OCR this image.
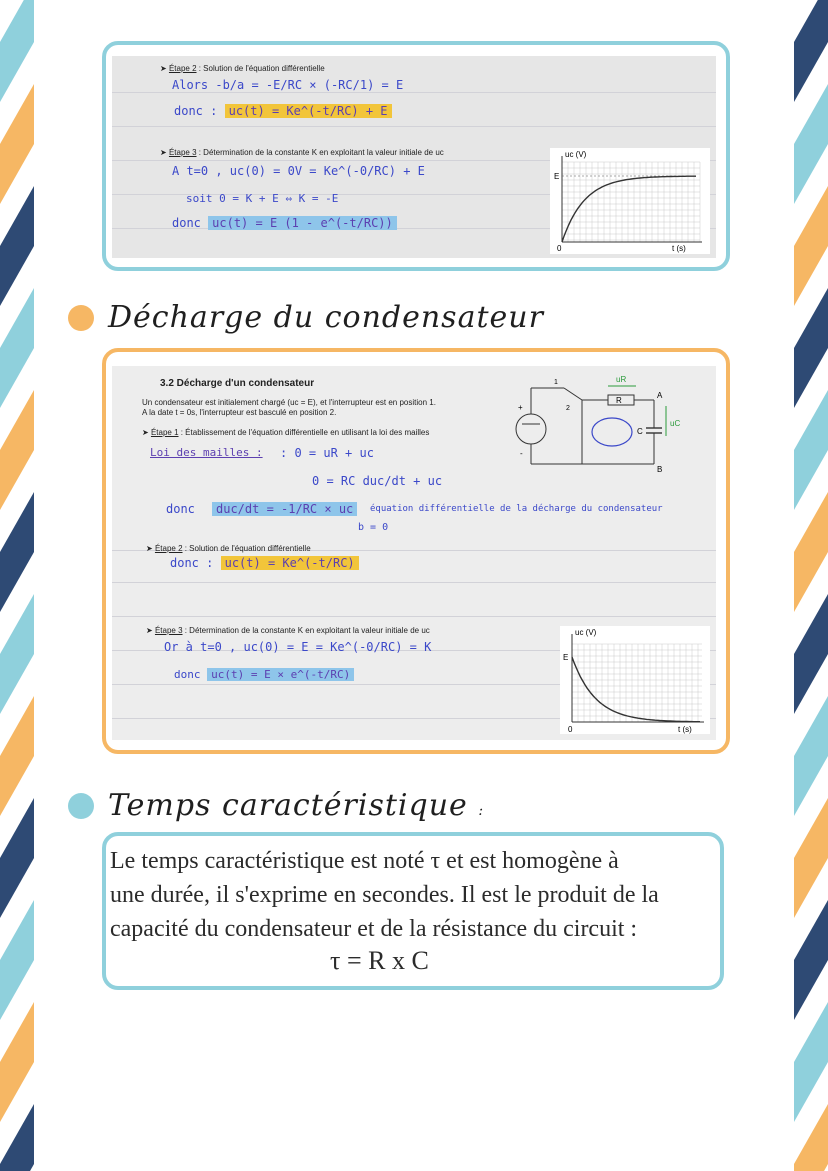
➤ Étape 2 : Solution de l'équation différentielle
Alors -b/a = -E/RC × (-RC/1) = E
donc : uc(t) = Ke^(-t/RC) + E
➤ Étape 3 : Détermination de la constante K en exploitant la valeur initiale de uc
A t=0 , uc(0) = 0V = Ke^(-0/RC) + E
soit 0 = K + E ⇔ K = -E
donc uc(t) = E (1 - e^(-t/RC))
uc (V)
E
0	t (s)
Décharge du condensateur
3.2 Décharge d'un condensateur
Un condensateur est initialement chargé (uc = E), et l'interrupteur est en position 1.
A la date t = 0s, l'interrupteur est basculé en position 2.
➤ Étape 1 : Établissement de l'équation différentielle en utilisant la loi des mailles
Loi des mailles : : 0 = uR + uc
0 = RC duc/dt + uc
donc	duc/dt = -1/RC × uc	équation différentielle de la décharge du condensateur
b = 0
1
2
R
A
B
C
uR
uC
+
-
➤ Étape 2 : Solution de l'équation différentielle
donc : uc(t) = Ke^(-t/RC)
➤ Étape 3 : Détermination de la constante K en exploitant la valeur initiale de uc
Or à t=0 , uc(0) = E = Ke^(-0/RC) = K
donc uc(t) = E × e^(-t/RC)
uc (V)
E
0	t (s)
Temps caractéristique :
Le temps caractéristique est noté τ et est homogène à
une durée, il s'exprime en secondes. Il est le produit de la
capacité du condensateur et de la résistance du circuit :
τ = R x C
